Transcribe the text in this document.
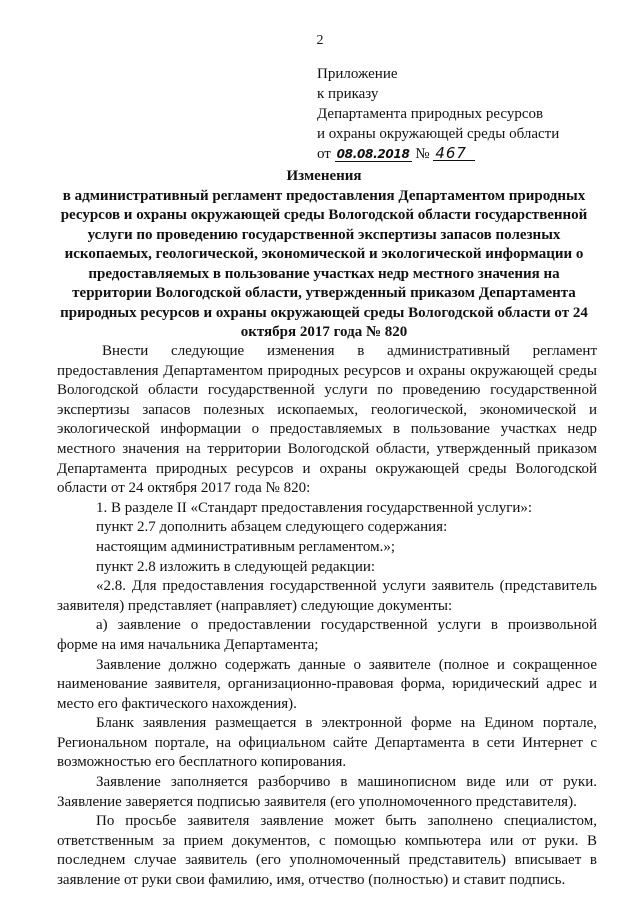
2
Приложение
к приказу
Департамента природных ресурсов
и охраны окружающей среды области
от 08.08.2018 № 467
Изменения
в административный регламент предоставления Департаментом природных ресурсов и охраны окружающей среды Вологодской области государственной услуги по проведению государственной экспертизы запасов полезных ископаемых, геологической, экономической и экологической информации о предоставляемых в пользование участках недр местного значения на территории Вологодской области, утвержденный приказом Департамента природных ресурсов и охраны окружающей среды Вологодской области от 24 октября 2017 года № 820

Внести следующие изменения в административный регламент предоставления Департаментом природных ресурсов и охраны окружающей среды Вологодской области государственной услуги по проведению государственной экспертизы запасов полезных ископаемых, геологической, экономической и экологической информации о предоставляемых в пользование участках недр местного значения на территории Вологодской области, утвержденный приказом Департамента природных ресурсов и охраны окружающей среды Вологодской области от 24 октября 2017 года № 820:

1. В разделе II «Стандарт предоставления государственной услуги»:

пункт 2.7 дополнить абзацем следующего содержания:

настоящим административным регламентом.»;

пункт 2.8 изложить в следующей редакции:

«2.8. Для предоставления государственной услуги заявитель (представитель заявителя) представляет (направляет) следующие документы:

а) заявление о предоставлении государственной услуги в произвольной форме на имя начальника Департамента;

Заявление должно содержать данные о заявителе (полное и сокращенное наименование заявителя, организационно-правовая форма, юридический адрес и место его фактического нахождения).

Бланк заявления размещается в электронной форме на Едином портале, Региональном портале, на официальном сайте Департамента в сети Интернет с возможностью его бесплатного копирования.

Заявление заполняется разборчиво в машинописном виде или от руки. Заявление заверяется подписью заявителя (его уполномоченного представителя).

По просьбе заявителя заявление может быть заполнено специалистом, ответственным за прием документов, с помощью компьютера или от руки. В последнем случае заявитель (его уполномоченный представитель) вписывает в заявление от руки свои фамилию, имя, отчество (полностью) и ставит подпись.
